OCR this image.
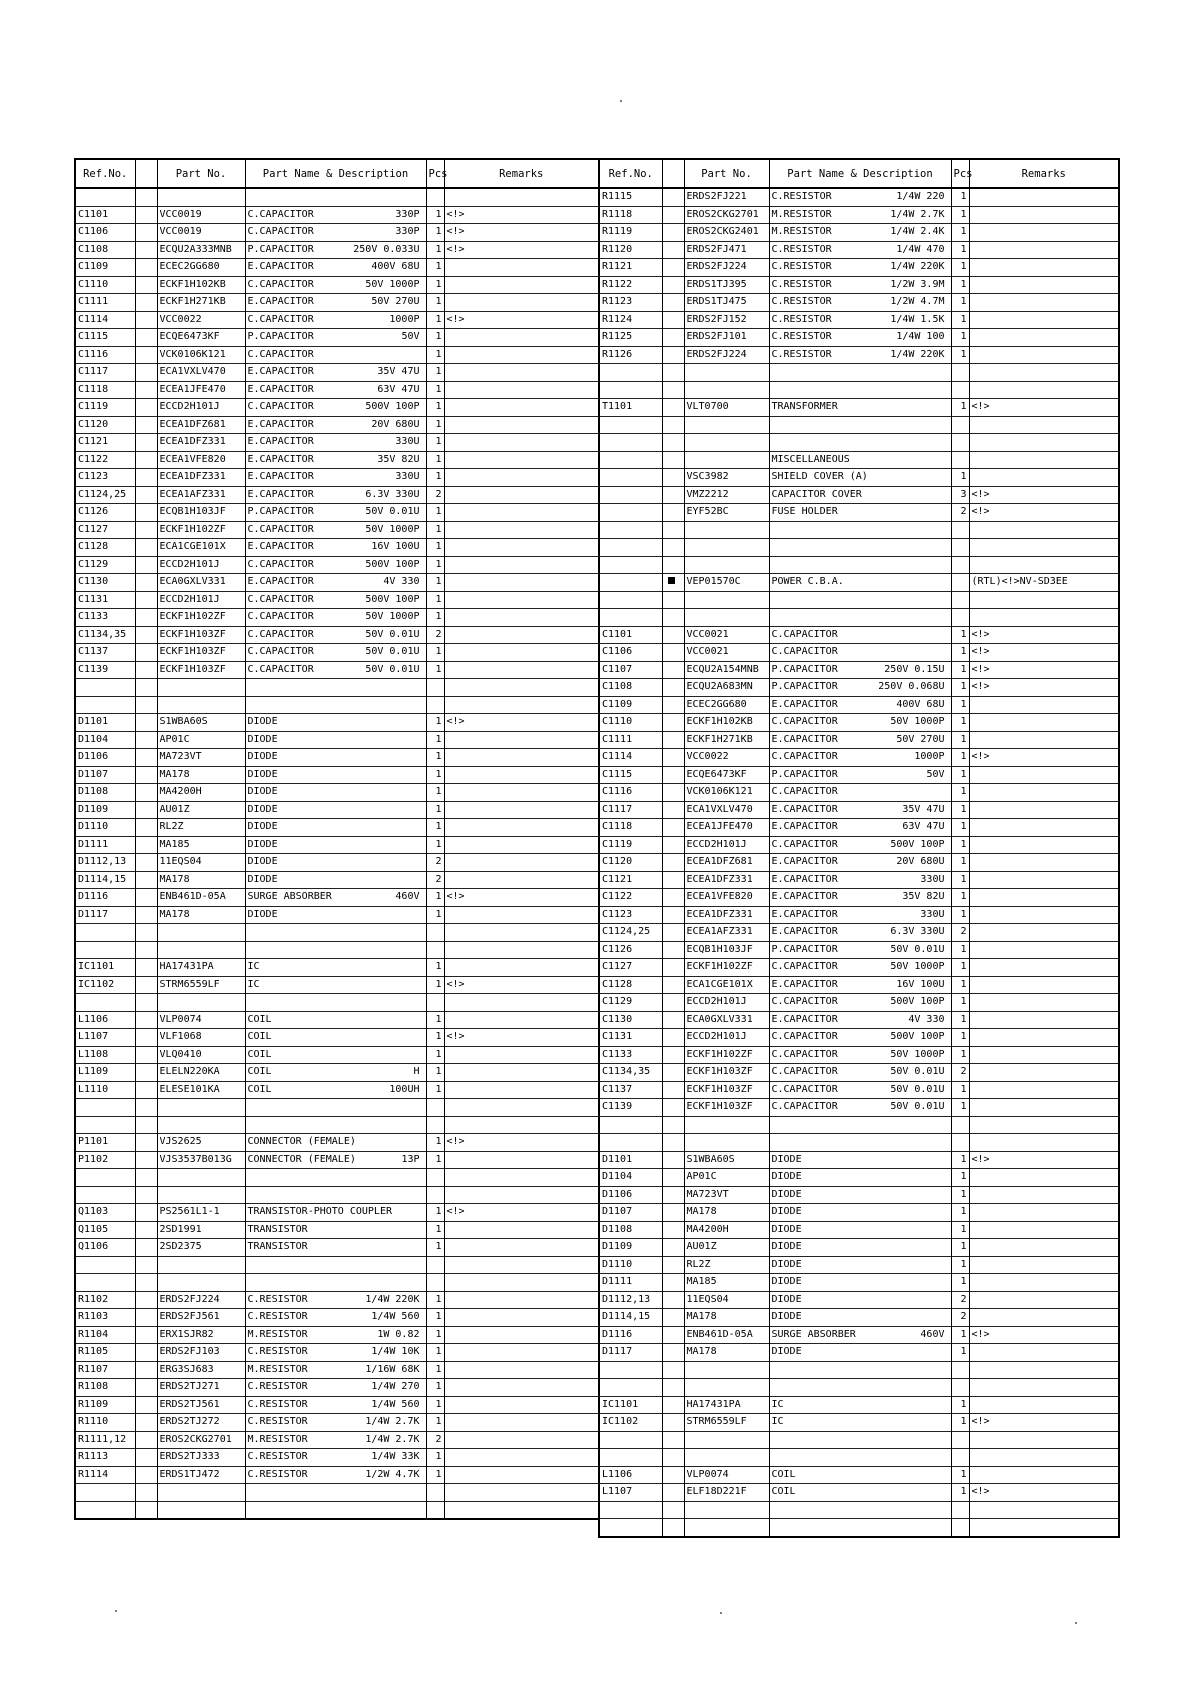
Ref.No.		Part No.	Part Name & Description	Pcs	Remarks

C1101		VCC0019	C.CAPACITOR 330P	1	<!>
C1106		VCC0019	C.CAPACITOR 330P	1	<!>
C1108		ECQU2A333MNB	P.CAPACITOR 250V 0.033U	1	<!>
C1109		ECEC2GG680	E.CAPACITOR 400V 68U	1	
C1110		ECKF1H102KB	C.CAPACITOR 50V 1000P	1	
C1111		ECKF1H271KB	E.CAPACITOR 50V 270U	1	
C1114		VCC0022	C.CAPACITOR 1000P	1	<!>
C1115		ECQE6473KF	P.CAPACITOR 50V	1	
C1116		VCK0106K121	C.CAPACITOR	1	
C1117		ECA1VXLV470	E.CAPACITOR 35V 47U	1	
C1118		ECEA1JFE470	E.CAPACITOR 63V 47U	1	
C1119		ECCD2H101J	C.CAPACITOR 500V 100P	1	
C1120		ECEA1DFZ681	E.CAPACITOR 20V 680U	1	
C1121		ECEA1DFZ331	E.CAPACITOR 330U	1	
C1122		ECEA1VFE820	E.CAPACITOR 35V 82U	1	
C1123		ECEA1DFZ331	E.CAPACITOR 330U	1	
C1124,25		ECEA1AFZ331	E.CAPACITOR 6.3V 330U	2	
C1126		ECQB1H103JF	P.CAPACITOR 50V 0.01U	1	
C1127		ECKF1H102ZF	C.CAPACITOR 50V 1000P	1	
C1128		ECA1CGE101X	E.CAPACITOR 16V 100U	1	
C1129		ECCD2H101J	C.CAPACITOR 500V 100P	1	
C1130		ECA0GXLV331	E.CAPACITOR 4V 330	1	
C1131		ECCD2H101J	C.CAPACITOR 500V 100P	1	
C1133		ECKF1H102ZF	C.CAPACITOR 50V 1000P	1	
C1134,35		ECKF1H103ZF	C.CAPACITOR 50V 0.01U	2	
C1137		ECKF1H103ZF	C.CAPACITOR 50V 0.01U	1	
C1139		ECKF1H103ZF	C.CAPACITOR 50V 0.01U	1	

D1101		S1WBA60S	DIODE	1	<!>
D1104		AP01C	DIODE	1	
D1106		MA723VT	DIODE	1	
D1107		MA178	DIODE	1	
D1108		MA4200H	DIODE	1	
D1109		AU01Z	DIODE	1	
D1110		RL2Z	DIODE	1	
D1111		MA185	DIODE	1	
D1112,13		11EQS04	DIODE	2	
D1114,15		MA178	DIODE	2	
D1116		ENB461D-05A	SURGE ABSORBER 460V	1	<!>
D1117		MA178	DIODE	1	

IC1101		HA17431PA	IC	1	
IC1102		STRM6559LF	IC	1	<!>

L1106		VLP0074	COIL	1	
L1107		VLF1068	COIL	1	<!>
L1108		VLQ0410	COIL	1	
L1109		ELELN220KA	COIL H	1	
L1110		ELESE101KA	COIL 100UH	1	

P1101		VJS2625	CONNECTOR (FEMALE)	1	<!>
P1102		VJS3537B013G	CONNECTOR (FEMALE) 13P	1	

Q1103		PS2561L1-1	TRANSISTOR-PHOTO COUPLER	1	<!>
Q1105		2SD1991	TRANSISTOR	1	
Q1106		2SD2375	TRANSISTOR	1	

R1102		ERDS2FJ224	C.RESISTOR 1/4W 220K	1	
R1103		ERDS2FJ561	C.RESISTOR 1/4W 560	1	
R1104		ERX1SJR82	M.RESISTOR 1W 0.82	1	
R1105		ERDS2FJ103	C.RESISTOR 1/4W 10K	1	
R1107		ERG3SJ683	M.RESISTOR 1/16W 68K	1	
R1108		ERDS2TJ271	C.RESISTOR 1/4W 270	1	
R1109		ERDS2TJ561	C.RESISTOR 1/4W 560	1	
R1110		ERDS2TJ272	C.RESISTOR 1/4W 2.7K	1	
R1111,12		EROS2CKG2701	M.RESISTOR 1/4W 2.7K	2	
R1113		ERDS2TJ333	C.RESISTOR 1/4W 33K	1	
R1114		ERDS1TJ472	C.RESISTOR 1/2W 4.7K	1	

Ref.No.		Part No.	Part Name & Description	Pcs	Remarks
R1115		ERDS2FJ221	C.RESISTOR 1/4W 220	1	
R1118		EROS2CKG2701	M.RESISTOR 1/4W 2.7K	1	
R1119		EROS2CKG2401	M.RESISTOR 1/4W 2.4K	1	
R1120		ERDS2FJ471	C.RESISTOR 1/4W 470	1	
R1121		ERDS2FJ224	C.RESISTOR 1/4W 220K	1	
R1122		ERDS1TJ395	C.RESISTOR 1/2W 3.9M	1	
R1123		ERDS1TJ475	C.RESISTOR 1/2W 4.7M	1	
R1124		ERDS2FJ152	C.RESISTOR 1/4W 1.5K	1	
R1125		ERDS2FJ101	C.RESISTOR 1/4W 100	1	
R1126		ERDS2FJ224	C.RESISTOR 1/4W 220K	1	

T1101		VLT0700	TRANSFORMER	1	<!>

			MISCELLANEOUS		

		VSC3982	SHIELD COVER (A)	1	
		VMZ2212	CAPACITOR COVER	3	<!>
		EYF52BC	FUSE HOLDER	2	<!>

		VEP01570C	POWER C.B.A.		(RTL)<!>NV-SD3EE

C1101		VCC0021	C.CAPACITOR	1	<!>
C1106		VCC0021	C.CAPACITOR	1	<!>
C1107		ECQU2A154MNB	P.CAPACITOR 250V 0.15U	1	<!>
C1108		ECQU2A683MN	P.CAPACITOR 250V 0.068U	1	<!>
C1109		ECEC2GG680	E.CAPACITOR 400V 68U	1	
C1110		ECKF1H102KB	C.CAPACITOR 50V 1000P	1	
C1111		ECKF1H271KB	E.CAPACITOR 50V 270U	1	
C1114		VCC0022	C.CAPACITOR 1000P	1	<!>
C1115		ECQE6473KF	P.CAPACITOR 50V	1	
C1116		VCK0106K121	C.CAPACITOR	1	
C1117		ECA1VXLV470	E.CAPACITOR 35V 47U	1	
C1118		ECEA1JFE470	E.CAPACITOR 63V 47U	1	
C1119		ECCD2H101J	C.CAPACITOR 500V 100P	1	
C1120		ECEA1DFZ681	E.CAPACITOR 20V 680U	1	
C1121		ECEA1DFZ331	E.CAPACITOR 330U	1	
C1122		ECEA1VFE820	E.CAPACITOR 35V 82U	1	
C1123		ECEA1DFZ331	E.CAPACITOR 330U	1	
C1124,25		ECEA1AFZ331	E.CAPACITOR 6.3V 330U	2	
C1126		ECQB1H103JF	P.CAPACITOR 50V 0.01U	1	
C1127		ECKF1H102ZF	C.CAPACITOR 50V 1000P	1	
C1128		ECA1CGE101X	E.CAPACITOR 16V 100U	1	
C1129		ECCD2H101J	C.CAPACITOR 500V 100P	1	
C1130		ECA0GXLV331	E.CAPACITOR 4V 330	1	
C1131		ECCD2H101J	C.CAPACITOR 500V 100P	1	
C1133		ECKF1H102ZF	C.CAPACITOR 50V 1000P	1	
C1134,35		ECKF1H103ZF	C.CAPACITOR 50V 0.01U	2	
C1137		ECKF1H103ZF	C.CAPACITOR 50V 0.01U	1	
C1139		ECKF1H103ZF	C.CAPACITOR 50V 0.01U	1	

D1101		S1WBA60S	DIODE	1	<!>
D1104		AP01C	DIODE	1	
D1106		MA723VT	DIODE	1	
D1107		MA178	DIODE	1	
D1108		MA4200H	DIODE	1	
D1109		AU01Z	DIODE	1	
D1110		RL2Z	DIODE	1	
D1111		MA185	DIODE	1	
D1112,13		11EQS04	DIODE	2	
D1114,15		MA178	DIODE	2	
D1116		ENB461D-05A	SURGE ABSORBER 460V	1	<!>
D1117		MA178	DIODE	1	

IC1101		HA17431PA	IC	1	
IC1102		STRM6559LF	IC	1	<!>

L1106		VLP0074	COIL	1	
L1107		ELF18D221F	COIL	1	<!>
